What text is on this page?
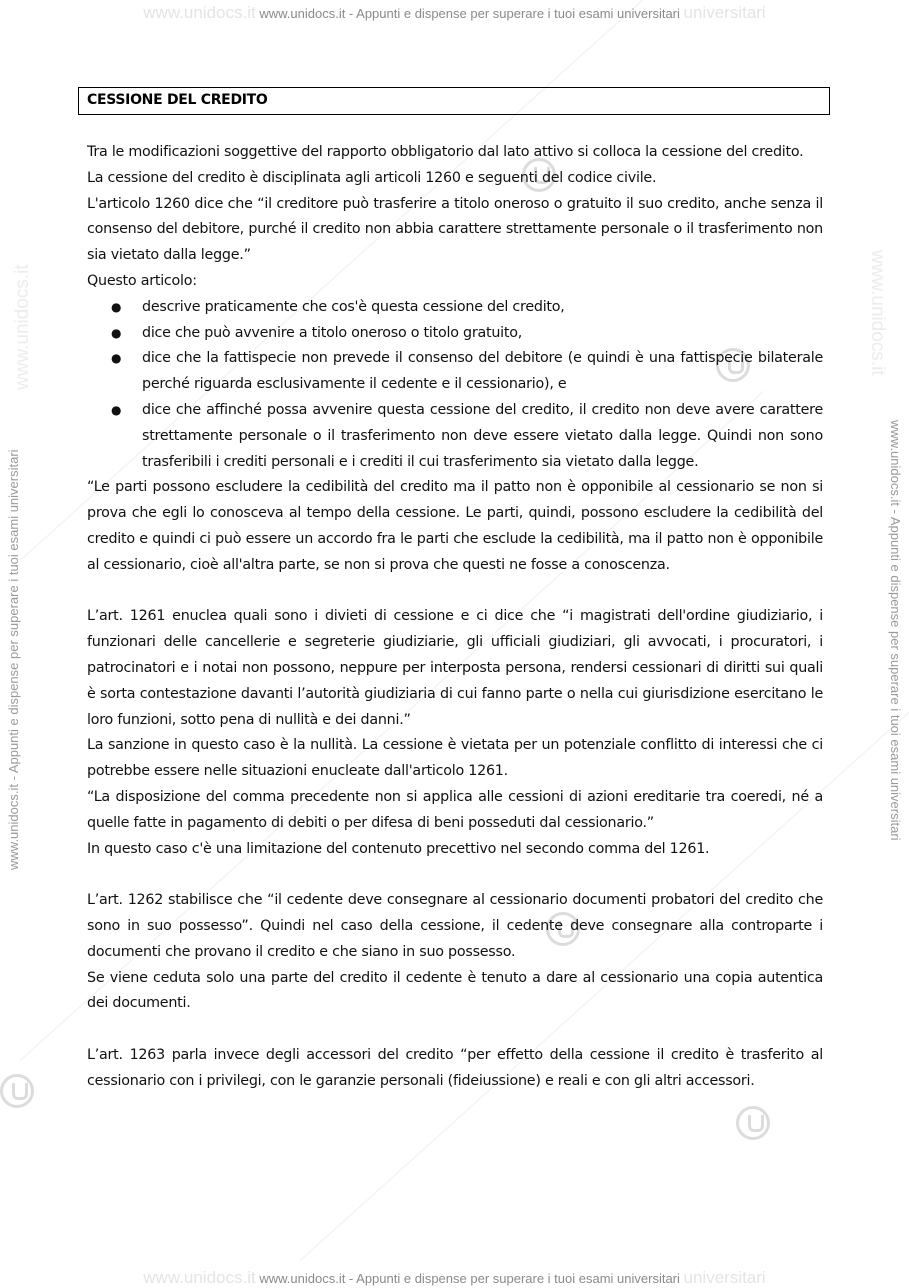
www.unidocs.it www.unidocs.it - Appunti e dispense per superare i tuoi esami universitari universitari
www.unidocs.it - Appunti e dispense per superare i tuoi esami universitari
www.unidocs.it
www.unidocs.it - Appunti e dispense per superare i tuoi esami universitari
www.unidocs.it
CESSIONE DEL CREDITO

Tra le modificazioni soggettive del rapporto obbligatorio dal lato attivo si colloca la cessione del credito.

La cessione del credito è disciplinata agli articoli 1260 e seguenti del codice civile.

L'articolo 1260 dice che “il creditore può trasferire a titolo oneroso o gratuito il suo credito, anche senza il consenso del debitore, purché il credito non abbia carattere strettamente personale o il trasferimento non sia vietato dalla legge.”

Questo articolo:

● descrive praticamente che cos'è questa cessione del credito,
● dice che può avvenire a titolo oneroso o titolo gratuito,
● dice che la fattispecie non prevede il consenso del debitore (e quindi è una fattispecie bilaterale perché riguarda esclusivamente il cedente e il cessionario), e
● dice che affinché possa avvenire questa cessione del credito, il credito non deve avere carattere strettamente personale o il trasferimento non deve essere vietato dalla legge. Quindi non sono trasferibili i crediti personali e i crediti il cui trasferimento sia vietato dalla legge.

“Le parti possono escludere la cedibilità del credito ma il patto non è opponibile al cessionario se non si prova che egli lo conosceva al tempo della cessione. Le parti, quindi, possono escludere la cedibilità del credito e quindi ci può essere un accordo fra le parti che esclude la cedibilità, ma il patto non è opponibile al cessionario, cioè all'altra parte, se non si prova che questi ne fosse a conoscenza.

L’art. 1261 enuclea quali sono i divieti di cessione e ci dice che “i magistrati dell'ordine giudiziario, i funzionari delle cancellerie e segreterie giudiziarie, gli ufficiali giudiziari, gli avvocati, i procuratori, i patrocinatori e i notai non possono, neppure per interposta persona, rendersi cessionari di diritti sui quali è sorta contestazione davanti l’autorità giudiziaria di cui fanno parte o nella cui giurisdizione esercitano le loro funzioni, sotto pena di nullità e dei danni.”

La sanzione in questo caso è la nullità. La cessione è vietata per un potenziale conflitto di interessi che ci potrebbe essere nelle situazioni enucleate dall'articolo 1261.

“La disposizione del comma precedente non si applica alle cessioni di azioni ereditarie tra coeredi, né a quelle fatte in pagamento di debiti o per difesa di beni posseduti dal cessionario.”

In questo caso c'è una limitazione del contenuto precettivo nel secondo comma del 1261.

L’art. 1262 stabilisce che “il cedente deve consegnare al cessionario documenti probatori del credito che sono in suo possesso”. Quindi nel caso della cessione, il cedente deve consegnare alla controparte i documenti che provano il credito e che siano in suo possesso.

Se viene ceduta solo una parte del credito il cedente è tenuto a dare al cessionario una copia autentica dei documenti.

L’art. 1263 parla invece degli accessori del credito “per effetto della cessione il credito è trasferito al cessionario con i privilegi, con le garanzie personali (fideiussione) e reali e con gli altri accessori.

www.unidocs.it www.unidocs.it - Appunti e dispense per superare i tuoi esami universitari universitari
